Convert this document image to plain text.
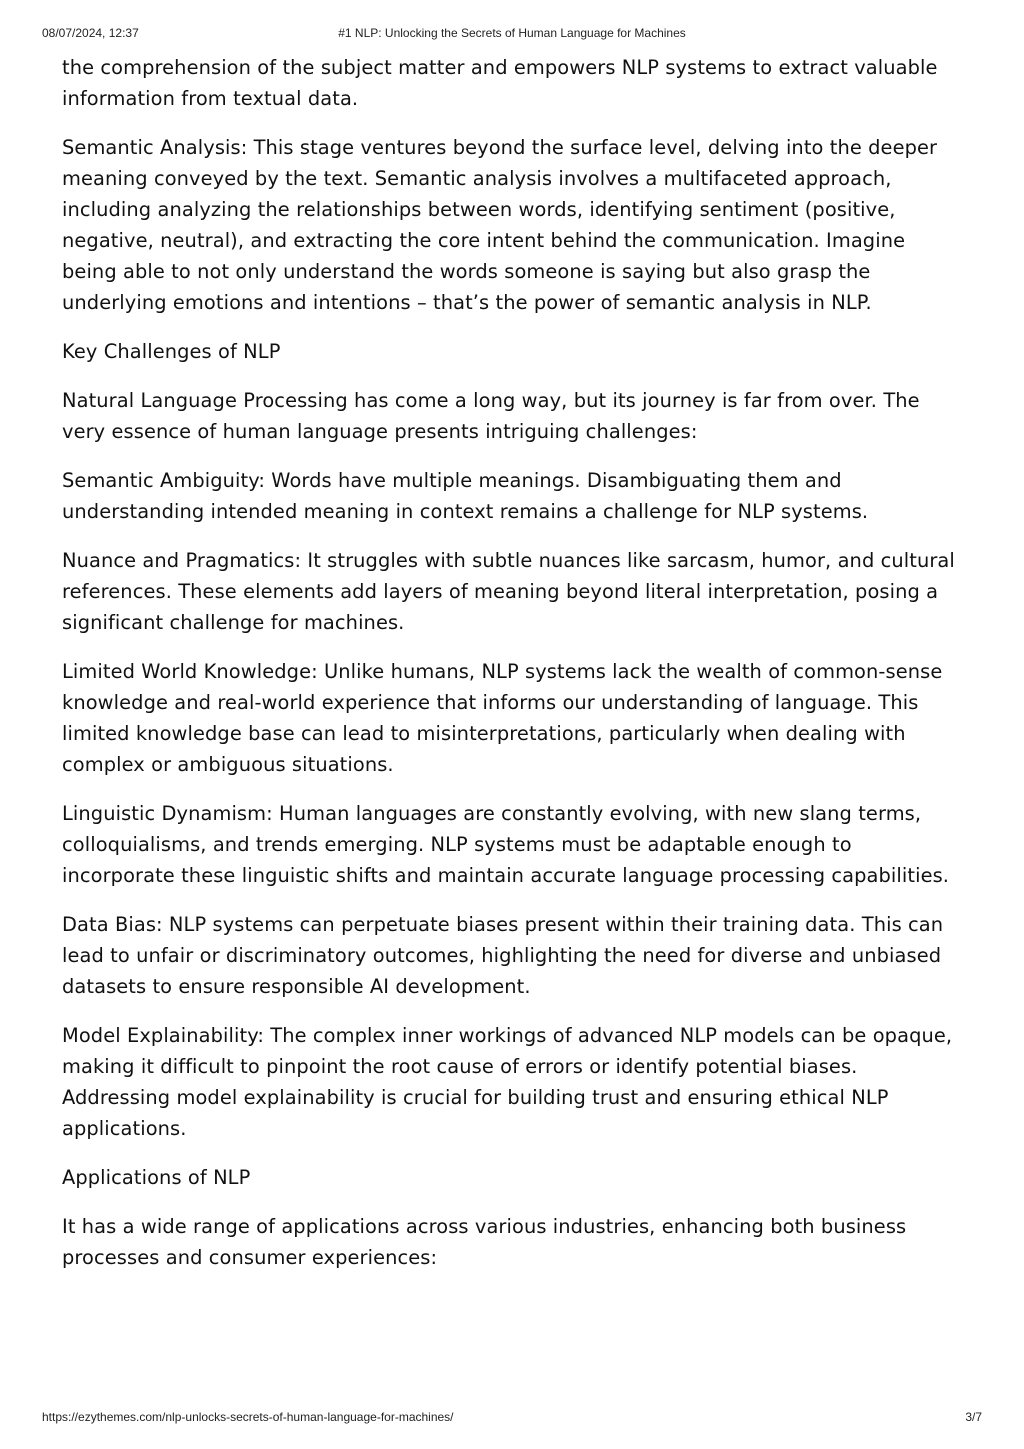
08/07/2024, 12:37	#1 NLP: Unlocking the Secrets of Human Language for Machines

the comprehension of the subject matter and empowers NLP systems to extract valuable information from textual data.

Semantic Analysis: This stage ventures beyond the surface level, delving into the deeper meaning conveyed by the text. Semantic analysis involves a multifaceted approach, including analyzing the relationships between words, identifying sentiment (positive, negative, neutral), and extracting the core intent behind the communication. Imagine being able to not only understand the words someone is saying but also grasp the underlying emotions and intentions – that’s the power of semantic analysis in NLP.

Key Challenges of NLP

Natural Language Processing has come a long way, but its journey is far from over. The very essence of human language presents intriguing challenges:

Semantic Ambiguity: Words have multiple meanings. Disambiguating them and understanding intended meaning in context remains a challenge for NLP systems.

Nuance and Pragmatics: It struggles with subtle nuances like sarcasm, humor, and cultural references. These elements add layers of meaning beyond literal interpretation, posing a significant challenge for machines.

Limited World Knowledge: Unlike humans, NLP systems lack the wealth of common-sense knowledge and real-world experience that informs our understanding of language. This limited knowledge base can lead to misinterpretations, particularly when dealing with complex or ambiguous situations.

Linguistic Dynamism: Human languages are constantly evolving, with new slang terms, colloquialisms, and trends emerging. NLP systems must be adaptable enough to incorporate these linguistic shifts and maintain accurate language processing capabilities.

Data Bias: NLP systems can perpetuate biases present within their training data. This can lead to unfair or discriminatory outcomes, highlighting the need for diverse and unbiased datasets to ensure responsible AI development.

Model Explainability: The complex inner workings of advanced NLP models can be opaque, making it difficult to pinpoint the root cause of errors or identify potential biases. Addressing model explainability is crucial for building trust and ensuring ethical NLP applications.

Applications of NLP

It has a wide range of applications across various industries, enhancing both business processes and consumer experiences:

https://ezythemes.com/nlp-unlocks-secrets-of-human-language-for-machines/	3/7
